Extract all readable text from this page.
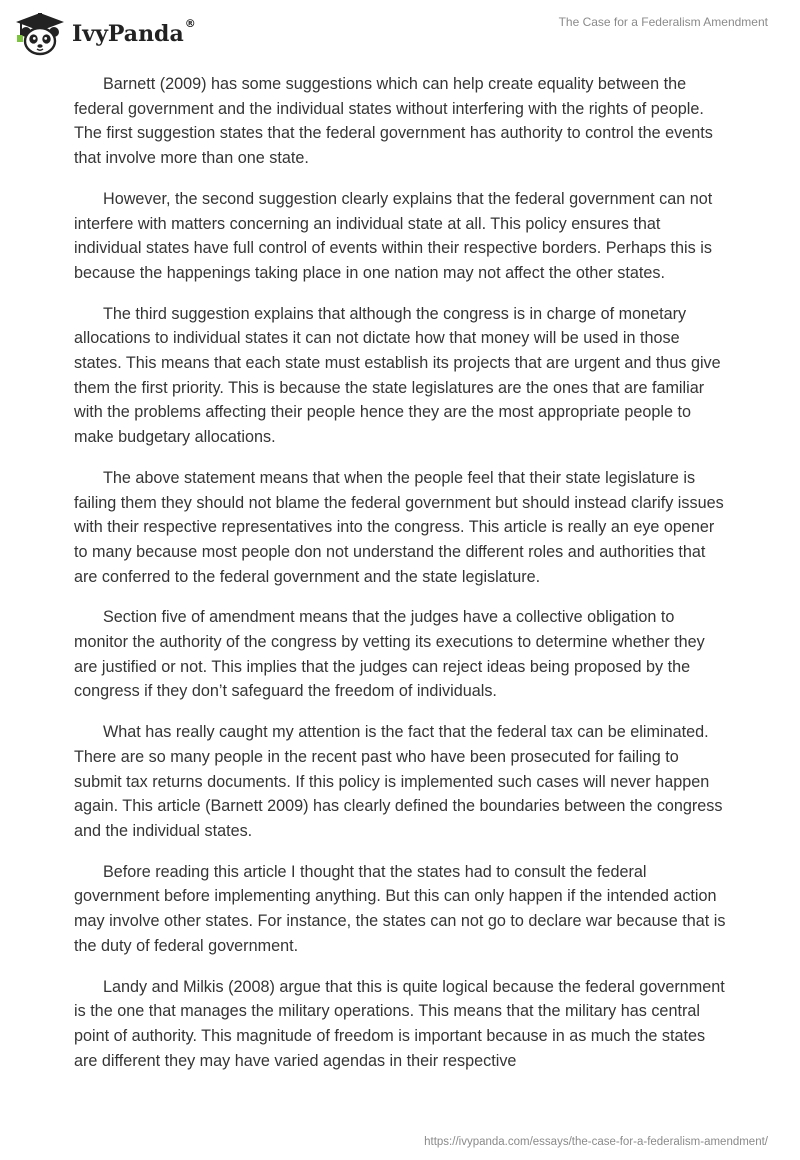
IvyPanda®	The Case for a Federalism Amendment

Barnett (2009) has some suggestions which can help create equality between the federal government and the individual states without interfering with the rights of people. The first suggestion states that the federal government has authority to control the events that involve more than one state.

However, the second suggestion clearly explains that the federal government can not interfere with matters concerning an individual state at all. This policy ensures that individual states have full control of events within their respective borders. Perhaps this is because the happenings taking place in one nation may not affect the other states.

The third suggestion explains that although the congress is in charge of monetary allocations to individual states it can not dictate how that money will be used in those states. This means that each state must establish its projects that are urgent and thus give them the first priority. This is because the state legislatures are the ones that are familiar with the problems affecting their people hence they are the most appropriate people to make budgetary allocations.

The above statement means that when the people feel that their state legislature is failing them they should not blame the federal government but should instead clarify issues with their respective representatives into the congress. This article is really an eye opener to many because most people don not understand the different roles and authorities that are conferred to the federal government and the state legislature.

Section five of amendment means that the judges have a collective obligation to monitor the authority of the congress by vetting its executions to determine whether they are justified or not. This implies that the judges can reject ideas being proposed by the congress if they don’t safeguard the freedom of individuals.

What has really caught my attention is the fact that the federal tax can be eliminated. There are so many people in the recent past who have been prosecuted for failing to submit tax returns documents. If this policy is implemented such cases will never happen again. This article (Barnett 2009) has clearly defined the boundaries between the congress and the individual states.

Before reading this article I thought that the states had to consult the federal government before implementing anything. But this can only happen if the intended action may involve other states. For instance, the states can not go to declare war because that is the duty of federal government.

Landy and Milkis (2008) argue that this is quite logical because the federal government is the one that manages the military operations. This means that the military has central point of authority. This magnitude of freedom is important because in as much the states are different they may have varied agendas in their respective

https://ivypanda.com/essays/the-case-for-a-federalism-amendment/
